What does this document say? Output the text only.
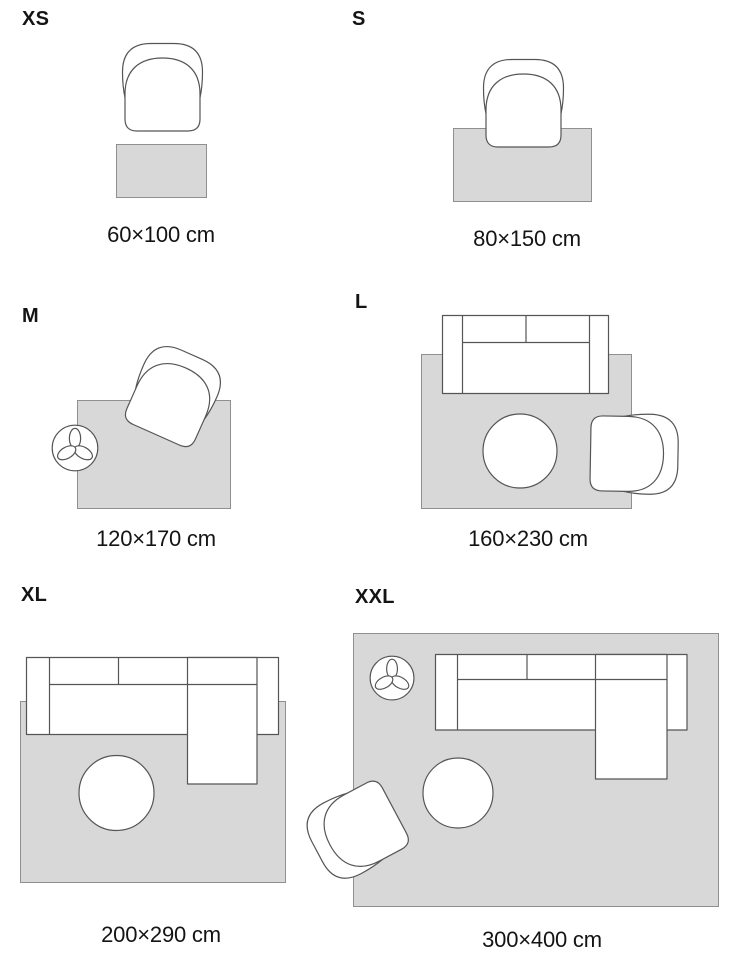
XS	S
M
L
XL	XXL
60×100 cm	80×150 cm
120×170 cm	160×230 cm
200×290 cm	300×400 cm
